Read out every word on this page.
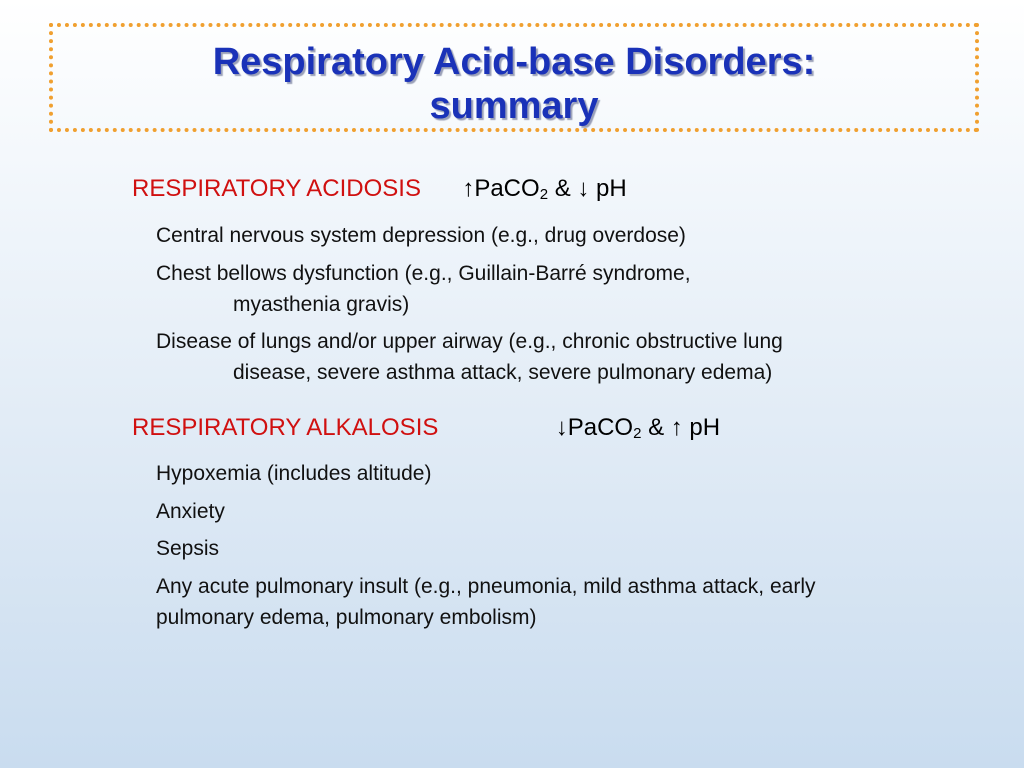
Respiratory Acid-base Disorders:
summary
RESPIRATORY ACIDOSIS ↑PaCO$_2$ & ↓ pH
Central nervous system depression (e.g., drug overdose)
Chest bellows dysfunction (e.g., Guillain-Barré syndrome,
myasthenia gravis)
Disease of lungs and/or upper airway (e.g., chronic obstructive lung
disease, severe asthma attack, severe pulmonary edema)
RESPIRATORY ALKALOSIS	↓PaCO$_2$ & ↑ pH
Hypoxemia (includes altitude)
Anxiety
Sepsis
Any acute pulmonary insult (e.g., pneumonia, mild asthma attack, early
pulmonary edema, pulmonary embolism)
